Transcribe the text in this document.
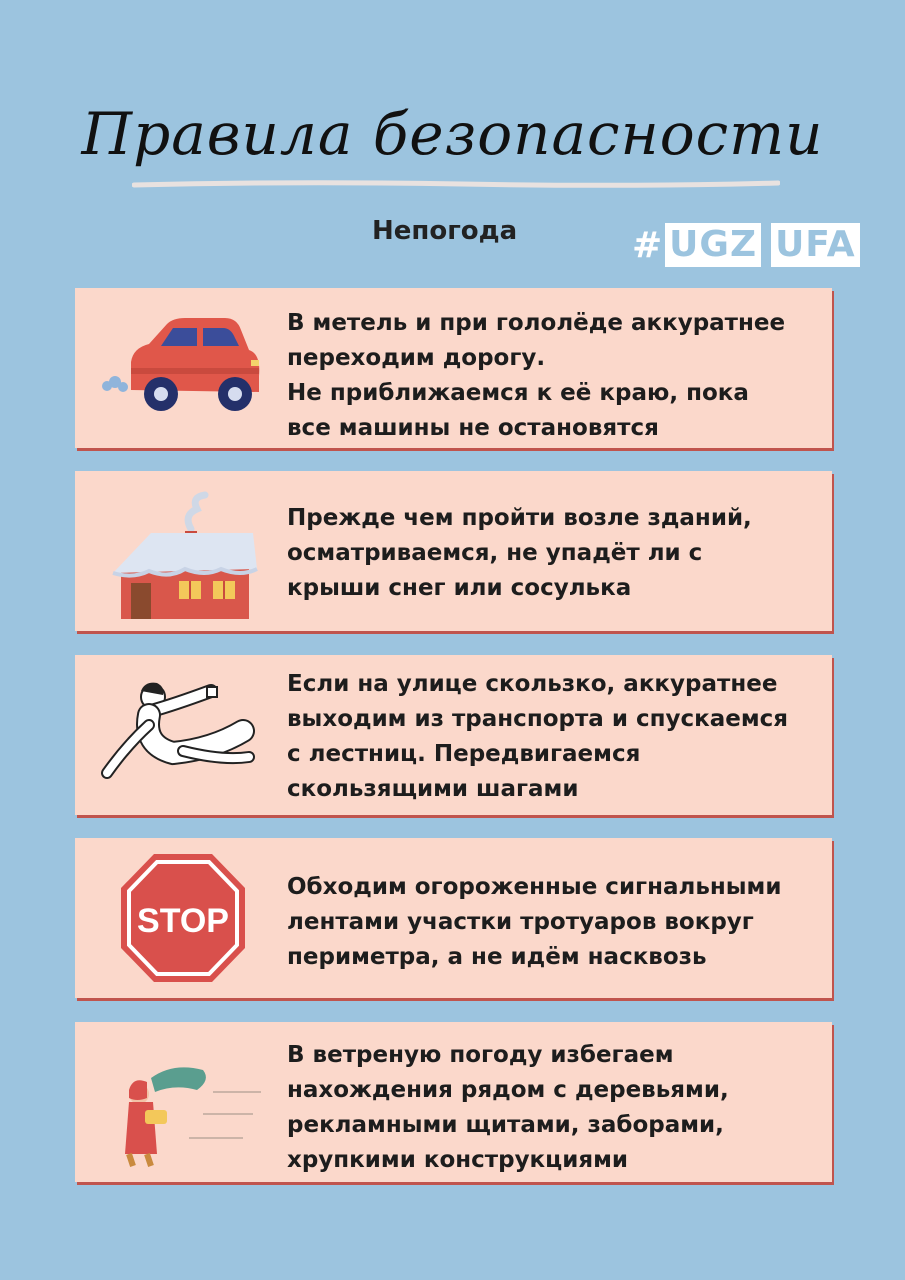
Правила безопасности
Непогода	# UGZ UFA
В метель и при гололёде аккуратнее
переходим дорогу.
Не приближаемся к её краю, пока
все машины не остановятся
Прежде чем пройти возле зданий,
осматриваемся, не упадёт ли с
крыши снег или сосулька
Если на улице скользко, аккуратнее
выходим из транспорта и спускаемся
с лестниц. Передвигаемся
скользящими шагами
STOP
Обходим огороженные сигнальными
лентами участки тротуаров вокруг
периметра, а не идём насквозь
В ветреную погоду избегаем
нахождения рядом с деревьями,
рекламными щитами, заборами,
хрупкими конструкциями
